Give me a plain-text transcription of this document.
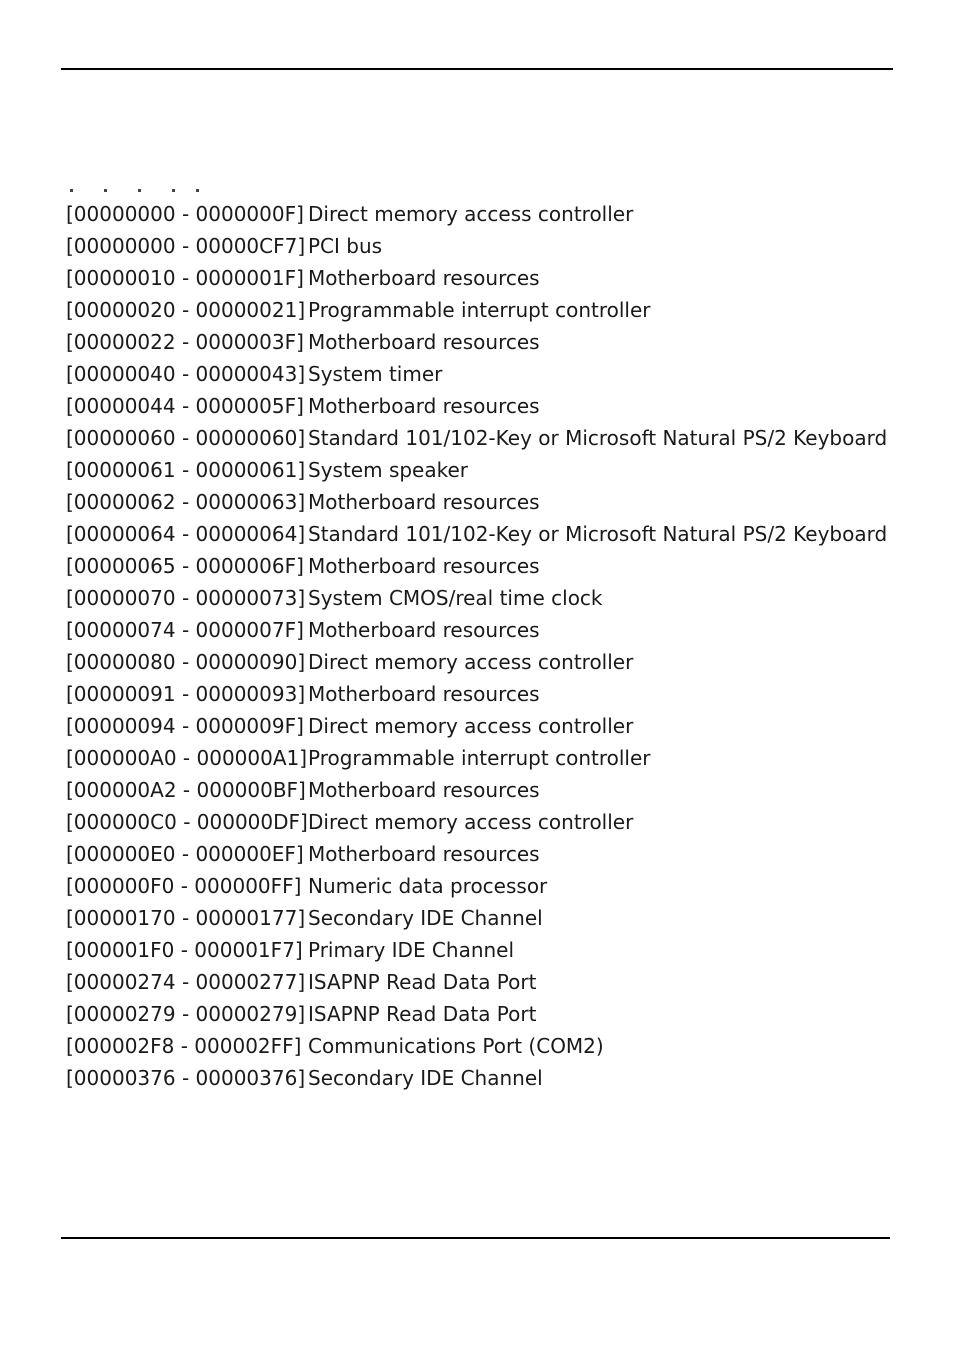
[00000000 - 0000000F] Direct memory access controller
[00000000 - 00000CF7] PCI bus
[00000010 - 0000001F] Motherboard resources
[00000020 - 00000021] Programmable interrupt controller
[00000022 - 0000003F] Motherboard resources
[00000040 - 00000043] System timer
[00000044 - 0000005F] Motherboard resources
[00000060 - 00000060] Standard 101/102-Key or Microsoft Natural PS/2 Keyboard
[00000061 - 00000061] System speaker
[00000062 - 00000063] Motherboard resources
[00000064 - 00000064] Standard 101/102-Key or Microsoft Natural PS/2 Keyboard
[00000065 - 0000006F] Motherboard resources
[00000070 - 00000073] System CMOS/real time clock
[00000074 - 0000007F] Motherboard resources
[00000080 - 00000090] Direct memory access controller
[00000091 - 00000093] Motherboard resources
[00000094 - 0000009F] Direct memory access controller
[000000A0 - 000000A1] Programmable interrupt controller
[000000A2 - 000000BF] Motherboard resources
[000000C0 - 000000DF] Direct memory access controller
[000000E0 - 000000EF] Motherboard resources
[000000F0 - 000000FF] Numeric data processor
[00000170 - 00000177] Secondary IDE Channel
[000001F0 - 000001F7] Primary IDE Channel
[00000274 - 00000277] ISAPNP Read Data Port
[00000279 - 00000279] ISAPNP Read Data Port
[000002F8 - 000002FF] Communications Port (COM2)
[00000376 - 00000376] Secondary IDE Channel
